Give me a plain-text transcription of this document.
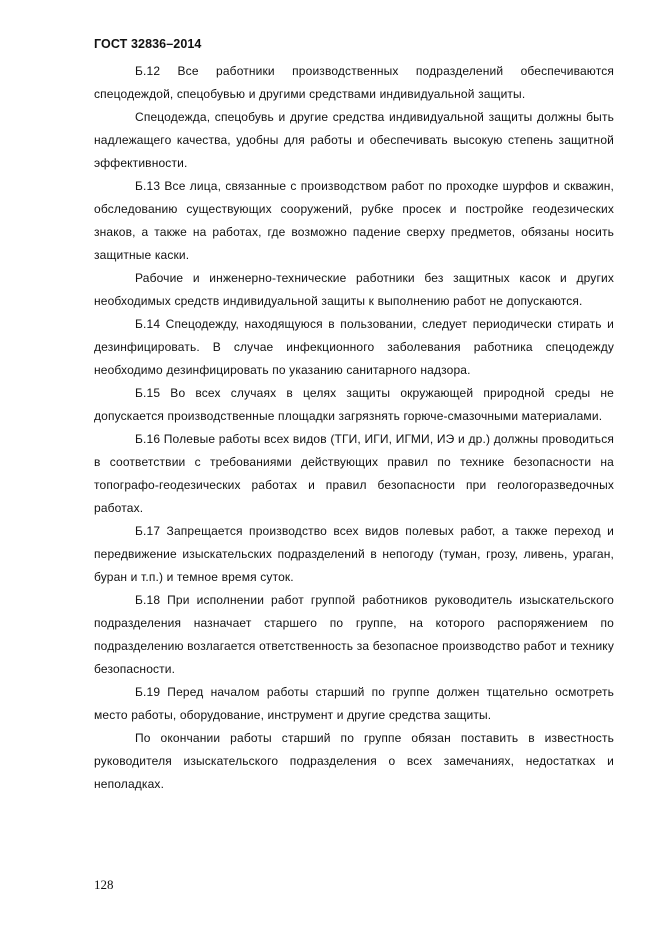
ГОСТ 32836–2014

Б.12 Все работники производственных подразделений обеспечиваются спецодеждой, спецобувью и другими средствами индивидуальной защиты.

Спецодежда, спецобувь и другие средства индивидуальной защиты должны быть надлежащего качества, удобны для работы и обеспечивать высокую степень защитной эффективности.

Б.13 Все лица, связанные с производством работ по проходке шурфов и скважин, обследованию существующих сооружений, рубке просек и постройке геодезических знаков, а также на работах, где возможно падение сверху предметов, обязаны носить защитные каски.

Рабочие и инженерно-технические работники без защитных касок и других необходимых средств индивидуальной защиты к выполнению работ не допускаются.

Б.14 Спецодежду, находящуюся в пользовании, следует периодически стирать и дезинфицировать. В случае инфекционного заболевания работника спецодежду необходимо дезинфицировать по указанию санитарного надзора.

Б.15 Во всех случаях в целях защиты окружающей природной среды не допускается производственные площадки загрязнять горюче-смазочными материалами.

Б.16 Полевые работы всех видов (ТГИ, ИГИ, ИГМИ, ИЭ и др.) должны проводиться в соответствии с требованиями действующих правил по технике безопасности на топографо-геодезических работах и правил безопасности при геологоразведочных работах.

Б.17 Запрещается производство всех видов полевых работ, а также переход и передвижение изыскательских подразделений в непогоду (туман, грозу, ливень, ураган, буран и т.п.) и темное время суток.

Б.18 При исполнении работ группой работников руководитель изыскательского подразделения назначает старшего по группе, на которого распоряжением по подразделению возлагается ответственность за безопасное производство работ и технику безопасности.

Б.19 Перед началом работы старший по группе должен тщательно осмотреть место работы, оборудование, инструмент и другие средства защиты.

По окончании работы старший по группе обязан поставить в известность руководителя изыскательского подразделения о всех замечаниях, недостатках и неполадках.

128
